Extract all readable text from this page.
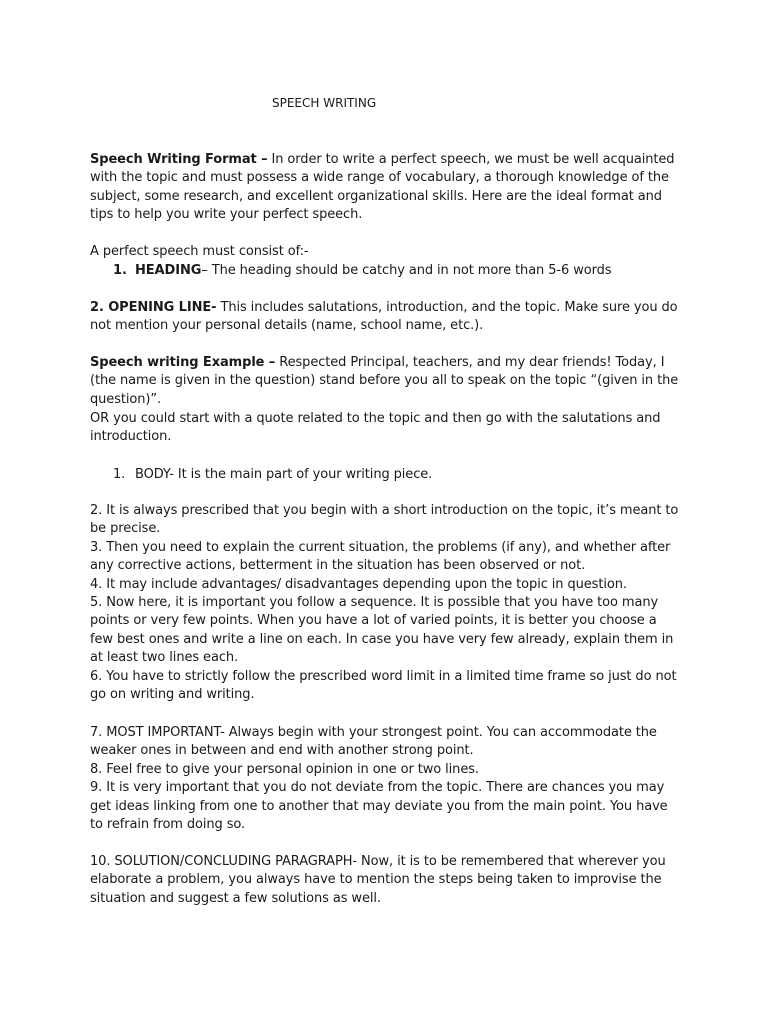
SPEECH WRITING

Speech Writing Format – In order to write a perfect speech, we must be well acquainted with the topic and must possess a wide range of vocabulary, a thorough knowledge of the subject, some research, and excellent organizational skills. Here are the ideal format and tips to help you write your perfect speech.

A perfect speech must consist of:-

1. HEADING– The heading should be catchy and in not more than 5-6 words

2. OPENING LINE- This includes salutations, introduction, and the topic. Make sure you do not mention your personal details (name, school name, etc.).

Speech writing Example – Respected Principal, teachers, and my dear friends! Today, I (the name is given in the question) stand before you all to speak on the topic “(given in the question)”.

OR you could start with a quote related to the topic and then go with the salutations and introduction.

1. BODY- It is the main part of your writing piece.
2. It is always prescribed that you begin with a short introduction on the topic, it’s meant to be precise.
3. Then you need to explain the current situation, the problems (if any), and whether after any corrective actions, betterment in the situation has been observed or not.
4. It may include advantages/ disadvantages depending upon the topic in question.
5. Now here, it is important you follow a sequence. It is possible that you have too many points or very few points. When you have a lot of varied points, it is better you choose a few best ones and write a line on each. In case you have very few already, explain them in at least two lines each.
6. You have to strictly follow the prescribed word limit in a limited time frame so just do not go on writing and writing.
7. MOST IMPORTANT- Always begin with your strongest point. You can accommodate the weaker ones in between and end with another strong point.
8. Feel free to give your personal opinion in one or two lines.
9. It is very important that you do not deviate from the topic. There are chances you may get ideas linking from one to another that may deviate you from the main point. You have to refrain from doing so.

10. SOLUTION/CONCLUDING PARAGRAPH- Now, it is to be remembered that wherever you elaborate a problem, you always have to mention the steps being taken to improvise the situation and suggest a few solutions as well.
